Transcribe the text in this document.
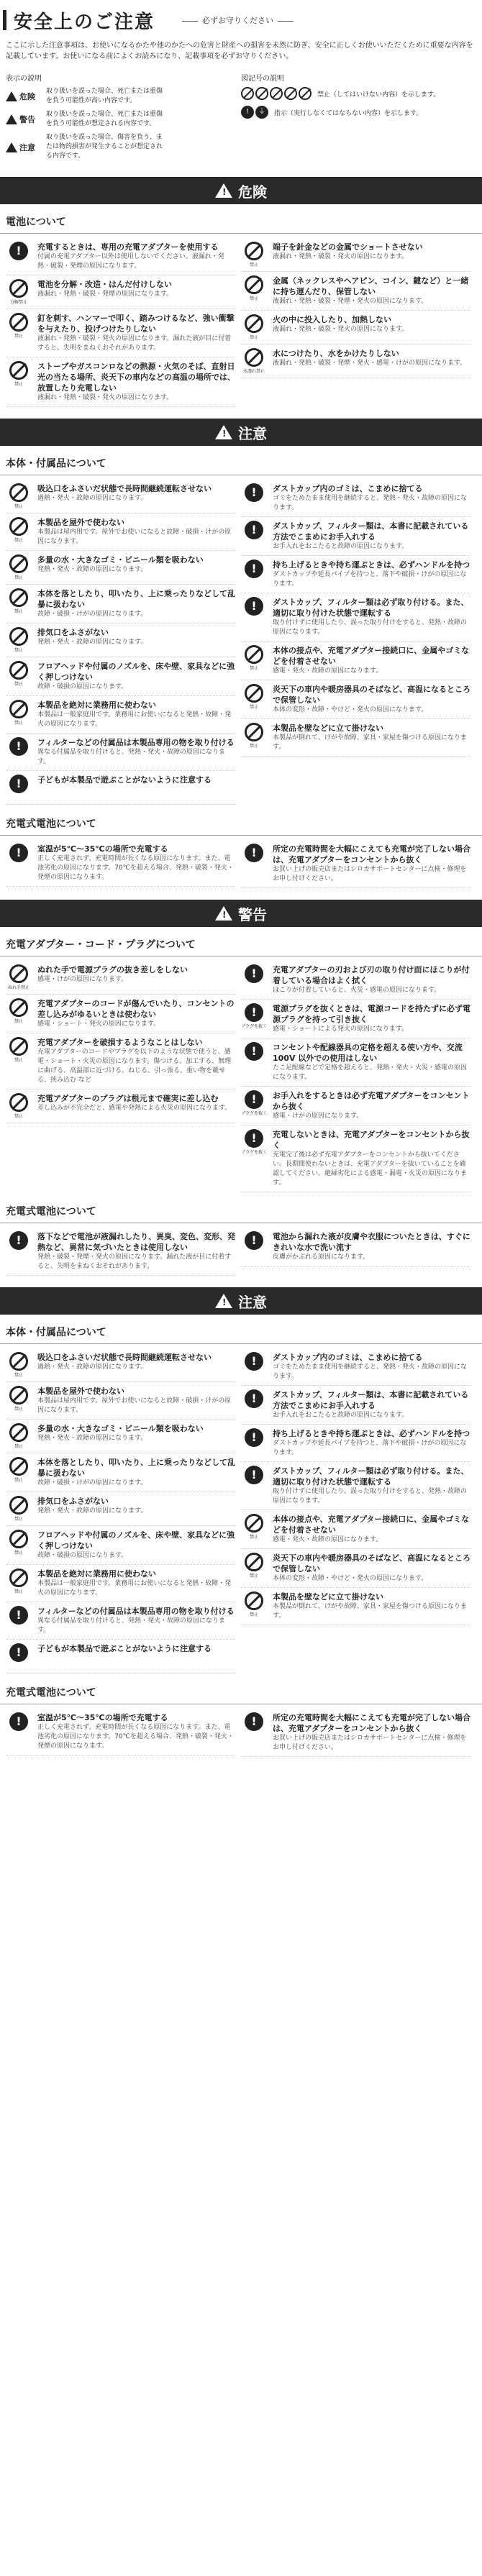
安全上のご注意	必ずお守りください

ここに示した注意事項は、お使いになるかたや他のかたへの危害と財産への損害を未然に防ぎ、安全に正しくお使いいただくために重要な内容を記載しています。お使いになる前によくお読みになり、記載事項を必ずお守りください。

表示の説明
危険
取り扱いを誤った場合、死亡または重傷を負う可能性が高い内容です。
警告
取り扱いを誤った場合、死亡または重傷を負う可能性が想定される内容です。
注意
取り扱いを誤った場合、傷害を負う、または物的損害が発生することが想定される内容です。
図記号の説明
禁止（してはいけない内容）を示します。
!	⏚	指示（実行しなくてはならない内容）を示します。
! 危険
電池について
!	充電するときは、専用の充電アダプターを使用する

付属の充電アダプター以外は使用しないでください。液漏れ・発熱・破裂・発煙の原因になります。

分解禁止
電池を分解・改造・はんだ付けしない

液漏れ・発熱・破裂・発煙の原因になります。

禁止
釘を刺す、ハンマーで叩く、踏みつけるなど、強い衝撃を与えたり、投げつけたりしない

液漏れ・発熱・破裂・発火の原因になります。漏れた液が目に付着すると、失明をまねくおそれがあります。

禁止
ストーブやガスコンロなどの熱源・火気のそば、直射日光の当たる場所、炎天下の車内などの高温の場所では、放置したり充電しない

液漏れ・発熱・破裂・発火の原因になります。

禁止
端子を針金などの金属でショートさせない

液漏れ・発熱・破裂・発火の原因になります。

禁止
金属（ネックレスやヘアピン、コイン、鍵など）と一緒に持ち運んだり、保管しない

液漏れ・発熱・破裂・発煙・発火の原因になります。

禁止
火の中に投入したり、加熱しない

液漏れ・発熱・破裂・発火の原因になります。

水濡れ禁止
水につけたり、水をかけたりしない

液漏れ・発熱・破裂・発煙・発火・感電・けがの原因になります。

! 注意
本体・付属品について
禁止
吸込口をふさいだ状態で長時間継続運転させない

過熱・発火・故障の原因になります。

禁止
本製品を屋外で使わない

本製品は屋内用です。屋外でお使いになると故障・破損・けがの原因になります。

禁止
多量の水・大きなゴミ・ビニール類を吸わない

発熱・発火・故障の原因になります。

禁止
本体を落としたり、叩いたり、上に乗ったりなどして乱暴に扱わない

故障・破損・けがの原因になります。

禁止
排気口をふさがない

発熱・発火・故障の原因になります。

禁止
フロアヘッドや付属のノズルを、床や壁、家具などに強く押しつけない

故障・破損の原因になります。

禁止
本製品を絶対に業務用に使わない

本製品は一般家庭用です。業務用にお使いになると発熱・故障・発火の原因になります。

!	フィルターなどの付属品は本製品専用の物を取り付ける

異なる付属品を取り付けると、発熱・発火・故障の原因になります。

!	子どもが本製品で遊ぶことがないように注意する
!	ダストカップ内のゴミは、こまめに捨てる

ゴミをためたまま使用を継続すると、発熱・発火・故障の原因になります。

!	ダストカップ、フィルター類は、本書に記載されている方法でこまめにお手入れする

お手入れをおこたると故障の原因になります。

!	持ち上げるときや持ち運ぶときは、必ずハンドルを持つ

ダストカップや延長パイプを持つと、落下や破損・けがの原因になります。

!	ダストカップ、フィルター類は必ず取り付ける。また、適切に取り付けた状態で運転する

取り付けずに使用したり、誤った取り付けをすると、発熱・故障の原因になります。

禁止
本体の接点や、充電アダプター接続口に、金属やゴミなどを付着させない

感電・発火・故障の原因になります。

禁止
炎天下の車内や暖房器具のそばなど、高温になるところで保管しない

本体の変形・故障・やけど・発火の原因になります。

禁止
本製品を壁などに立て掛けない

本製品が倒れて、けがや故障、家具・家屋を傷つける原因になります。

充電式電池について
!	室温が5℃〜35℃の場所で充電する

正しく充電されず、充電時間が長くなる原因になります。また、電池劣化の原因になります。70℃を超える場合、発熱・破裂・発火・発煙の原因になります。

!	所定の充電時間を大幅にこえても充電が完了しない場合は、充電アダプターをコンセントから抜く

お買い上げの販売店またはシロカサポートセンターに点検・修理をお申し付けください。

! 警告
充電アダプター・コード・プラグについて
ぬれ手禁止
ぬれた手で電源プラグの抜き差しをしない

感電・けがの原因になります。

禁止
充電アダプターのコードが傷んでいたり、コンセントの差し込みがゆるいときは使わない

感電・ショート・発火の原因になります。

禁止
充電アダプターを破損するようなことはしない

充電アダプターのコードやプラグを以下のような状態で使うと、感電・ショート・火災の原因になります。傷つける、加工する、無理に曲げる、高温部に近づける、ねじる、引っ張る、重い物を載せる、挟み込む など

禁止
充電アダプターのプラグは根元まで確実に差し込む

差し込みが不完全だと、感電や発熱による火災の原因になります。

!	充電アダプターの刃および刃の取り付け面にほこりが付着している場合はよく拭く

ほこりが付着していると、火災・感電の原因になります。

!
プラグを抜く
電源プラグを抜くときは、電源コードを持たずに必ず電源プラグを持って引き抜く

感電・ショートによる発火の原因になります。

!	コンセントや配線器具の定格を超える使い方や、交流100V 以外での使用はしない

たこ足配線などで定格を超えると、発熱・発火・火災・感電の原因になります。

!
プラグを抜く
お手入れをするときは必ず充電アダプターをコンセントから抜く

感電・けがの原因になります。

!
プラグを抜く
充電しないときは、充電アダプターをコンセントから抜く

充電完了後は必ず充電アダプターをコンセントから抜いてください。長期間使わないときは、充電アダプターを抜いていることを確認してください。絶縁劣化による感電・漏電・火災の原因になります。

充電式電池について
!	落下などで電池が液漏れしたり、異臭、変色、変形、発熱など、異常に気づいたときは使用しない

発熱・破裂・発煙・発火の原因になります。漏れた液が目に付着すると、失明をまねくおそれがあります。

!	電池から漏れた液が皮膚や衣服についたときは、すぐにきれいな水で洗い流す

皮膚がかぶれる原因になります。

! 注意
本体・付属品について
禁止
吸込口をふさいだ状態で長時間継続運転させない

過熱・発火・故障の原因になります。

禁止
本製品を屋外で使わない

本製品は屋内用です。屋外でお使いになると故障・破損・けがの原因になります。

禁止
多量の水・大きなゴミ・ビニール類を吸わない

発熱・発火・故障の原因になります。

禁止
本体を落としたり、叩いたり、上に乗ったりなどして乱暴に扱わない

故障・破損・けがの原因になります。

禁止
排気口をふさがない

発熱・発火・故障の原因になります。

禁止
フロアヘッドや付属のノズルを、床や壁、家具などに強く押しつけない

故障・破損の原因になります。

禁止
本製品を絶対に業務用に使わない

本製品は一般家庭用です。業務用にお使いになると発熱・故障・発火の原因になります。

!	フィルターなどの付属品は本製品専用の物を取り付ける

異なる付属品を取り付けると、発熱・発火・故障の原因になります。

!	子どもが本製品で遊ぶことがないように注意する
!	ダストカップ内のゴミは、こまめに捨てる

ゴミをためたまま使用を継続すると、発熱・発火・故障の原因になります。

!	ダストカップ、フィルター類は、本書に記載されている方法でこまめにお手入れする

お手入れをおこたると故障の原因になります。

!	持ち上げるときや持ち運ぶときは、必ずハンドルを持つ

ダストカップや延長パイプを持つと、落下や破損・けがの原因になります。

!	ダストカップ、フィルター類は必ず取り付ける。また、適切に取り付けた状態で運転する

取り付けずに使用したり、誤った取り付けをすると、発熱・故障の原因になります。

禁止
本体の接点や、充電アダプター接続口に、金属やゴミなどを付着させない

感電・発火・故障の原因になります。

禁止
炎天下の車内や暖房器具のそばなど、高温になるところで保管しない

本体の変形・故障・やけど・発火の原因になります。

禁止
本製品を壁などに立て掛けない

本製品が倒れて、けがや故障、家具・家屋を傷つける原因になります。

充電式電池について
!	室温が5℃〜35℃の場所で充電する

正しく充電されず、充電時間が長くなる原因になります。また、電池劣化の原因になります。70℃を超える場合、発熱・破裂・発火・発煙の原因になります。

!	所定の充電時間を大幅にこえても充電が完了しない場合は、充電アダプターをコンセントから抜く

お買い上げの販売店またはシロカサポートセンターに点検・修理をお申し付けください。
